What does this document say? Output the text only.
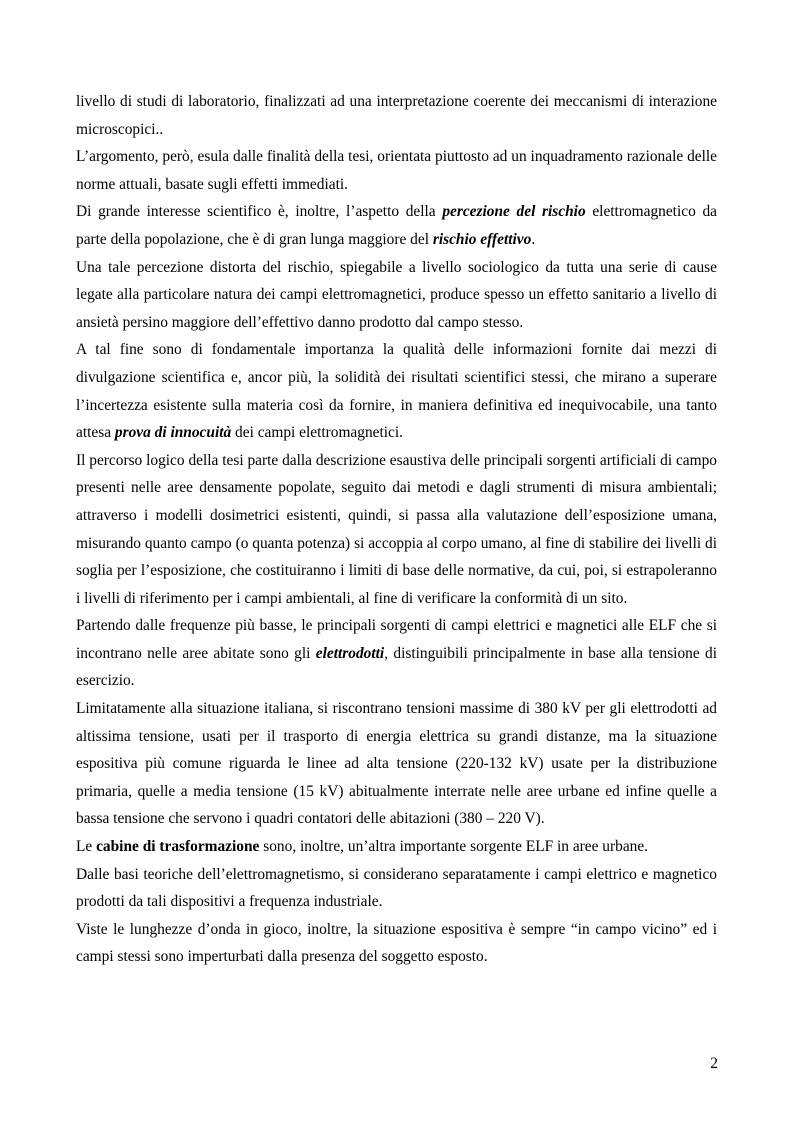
livello di studi di laboratorio, finalizzati ad una interpretazione coerente dei meccanismi di interazione microscopici..

L’argomento, però, esula dalle finalità della tesi, orientata piuttosto ad un inquadramento razionale delle norme attuali, basate sugli effetti immediati.

Di grande interesse scientifico è, inoltre, l’aspetto della percezione del rischio elettromagnetico da parte della popolazione, che è di gran lunga maggiore del rischio effettivo.

Una tale percezione distorta del rischio, spiegabile a livello sociologico da tutta una serie di cause legate alla particolare natura dei campi elettromagnetici, produce spesso un effetto sanitario a livello di ansietà persino maggiore dell’effettivo danno prodotto dal campo stesso.

A tal fine sono di fondamentale importanza la qualità delle informazioni fornite dai mezzi di divulgazione scientifica e, ancor più, la solidità dei risultati scientifici stessi, che mirano a superare l’incertezza esistente sulla materia così da fornire, in maniera definitiva ed inequivocabile, una tanto attesa prova di innocuità dei campi elettromagnetici.

Il percorso logico della tesi parte dalla descrizione esaustiva delle principali sorgenti artificiali di campo presenti nelle aree densamente popolate, seguito dai metodi e dagli strumenti di misura ambientali; attraverso i modelli dosimetrici esistenti, quindi, si passa alla valutazione dell’esposizione umana, misurando quanto campo (o quanta potenza) si accoppia al corpo umano, al fine di stabilire dei livelli di soglia per l’esposizione, che costituiranno i limiti di base delle normative, da cui, poi, si estrapoleranno i livelli di riferimento per i campi ambientali, al fine di verificare la conformità di un sito.

Partendo dalle frequenze più basse, le principali sorgenti di campi elettrici e magnetici alle ELF che si incontrano nelle aree abitate sono gli elettrodotti, distinguibili principalmente in base alla tensione di esercizio.

Limitatamente alla situazione italiana, si riscontrano tensioni massime di 380 kV per gli elettrodotti ad altissima tensione, usati per il trasporto di energia elettrica su grandi distanze, ma la situazione espositiva più comune riguarda le linee ad alta tensione (220-132 kV) usate per la distribuzione primaria, quelle a media tensione (15 kV) abitualmente interrate nelle aree urbane ed infine quelle a bassa tensione che servono i quadri contatori delle abitazioni (380 – 220 V).

Le cabine di trasformazione sono, inoltre, un’altra importante sorgente ELF in aree urbane.

Dalle basi teoriche dell’elettromagnetismo, si considerano separatamente i campi elettrico e magnetico prodotti da tali dispositivi a frequenza industriale.

Viste le lunghezze d’onda in gioco, inoltre, la situazione espositiva è sempre “in campo vicino” ed i campi stessi sono imperturbati dalla presenza del soggetto esposto.

2
